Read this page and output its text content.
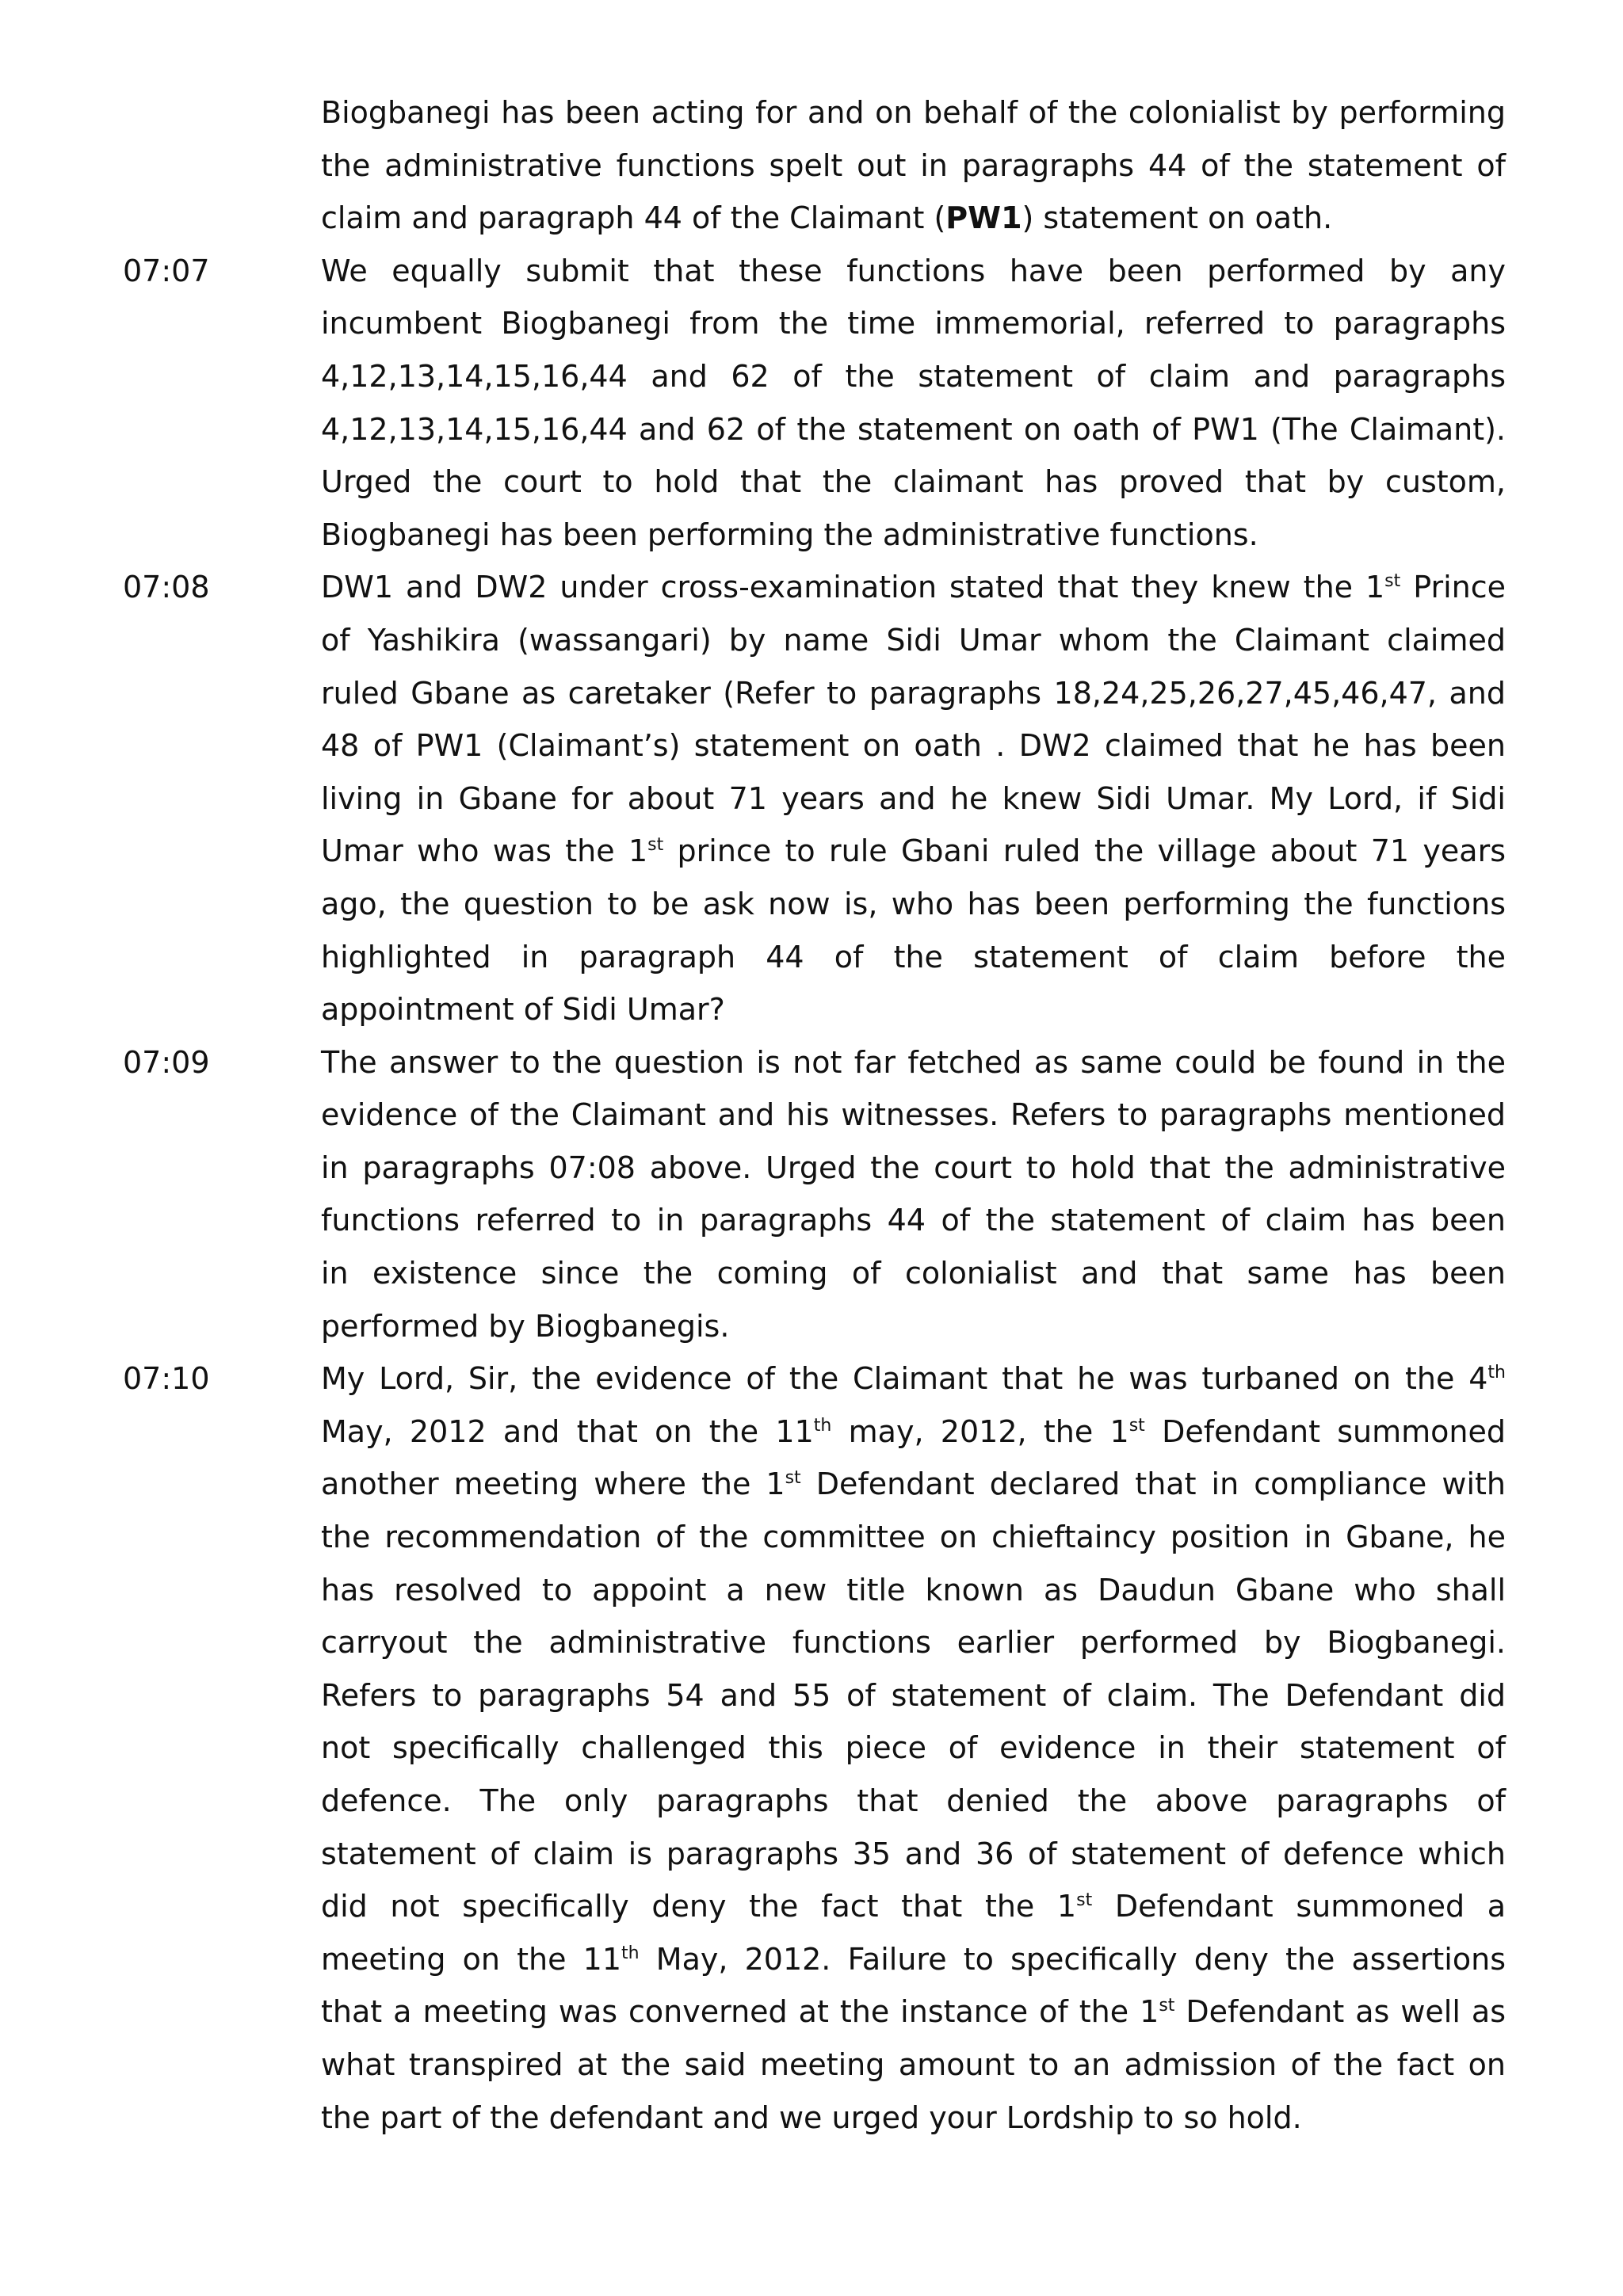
Biogbanegi has been acting for and on behalf of the colonialist by performing
the administrative functions spelt out in paragraphs 44 of the statement of
claim and paragraph 44 of the Claimant (PW1) statement on oath.
07:07	We equally submit that these functions have been performed by any
incumbent Biogbanegi from the time immemorial, referred to paragraphs
4,12,13,14,15,16,44 and 62 of the statement of claim and paragraphs
4,12,13,14,15,16,44 and 62 of the statement on oath of PW1 (The Claimant).
Urged the court to hold that the claimant has proved that by custom,
Biogbanegi has been performing the administrative functions.
07:08	DW1 and DW2 under cross-examination stated that they knew the 1st Prince
of Yashikira (wassangari) by name Sidi Umar whom the Claimant claimed
ruled Gbane as caretaker (Refer to paragraphs 18,24,25,26,27,45,46,47, and
48 of PW1 (Claimant’s) statement on oath . DW2 claimed that he has been
living in Gbane for about 71 years and he knew Sidi Umar. My Lord, if Sidi
Umar who was the 1st prince to rule Gbani ruled the village about 71 years
ago, the question to be ask now is, who has been performing the functions
highlighted in paragraph 44 of the statement of claim before the
appointment of Sidi Umar?
07:09	The answer to the question is not far fetched as same could be found in the
evidence of the Claimant and his witnesses. Refers to paragraphs mentioned
in paragraphs 07:08 above. Urged the court to hold that the administrative
functions referred to in paragraphs 44 of the statement of claim has been
in existence since the coming of colonialist and that same has been
performed by Biogbanegis.
07:10	My Lord, Sir, the evidence of the Claimant that he was turbaned on the 4th
May, 2012 and that on the 11th may, 2012, the 1st Defendant summoned
another meeting where the 1st Defendant declared that in compliance with
the recommendation of the committee on chieftaincy position in Gbane, he
has resolved to appoint a new title known as Daudun Gbane who shall
carryout the administrative functions earlier performed by Biogbanegi.
Refers to paragraphs 54 and 55 of statement of claim. The Defendant did
not specifically challenged this piece of evidence in their statement of
defence. The only paragraphs that denied the above paragraphs of
statement of claim is paragraphs 35 and 36 of statement of defence which
did not specifically deny the fact that the 1st Defendant summoned a
meeting on the 11th May, 2012. Failure to specifically deny the assertions
that a meeting was converned at the instance of the 1st Defendant as well as
what transpired at the said meeting amount to an admission of the fact on
the part of the defendant and we urged your Lordship to so hold.
